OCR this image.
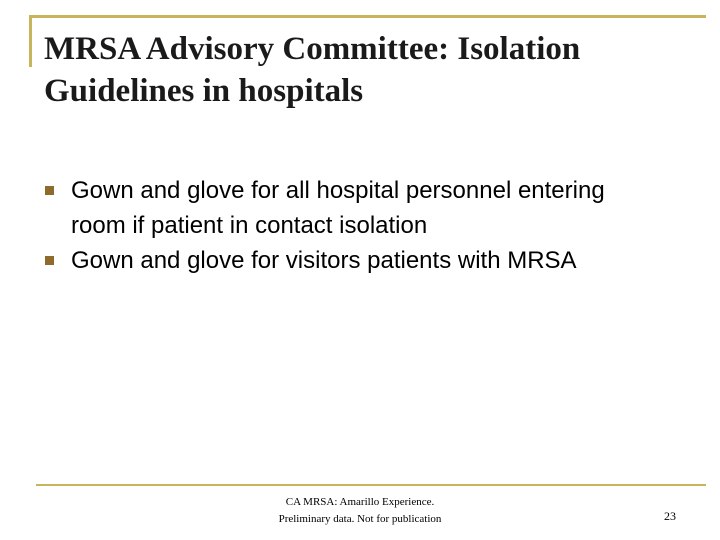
MRSA Advisory Committee: Isolation Guidelines in hospitals
Gown and glove for all hospital personnel entering room if patient in contact isolation
Gown and glove for visitors patients with MRSA
CA MRSA: Amarillo Experience.
Preliminary data. Not for publication	23
